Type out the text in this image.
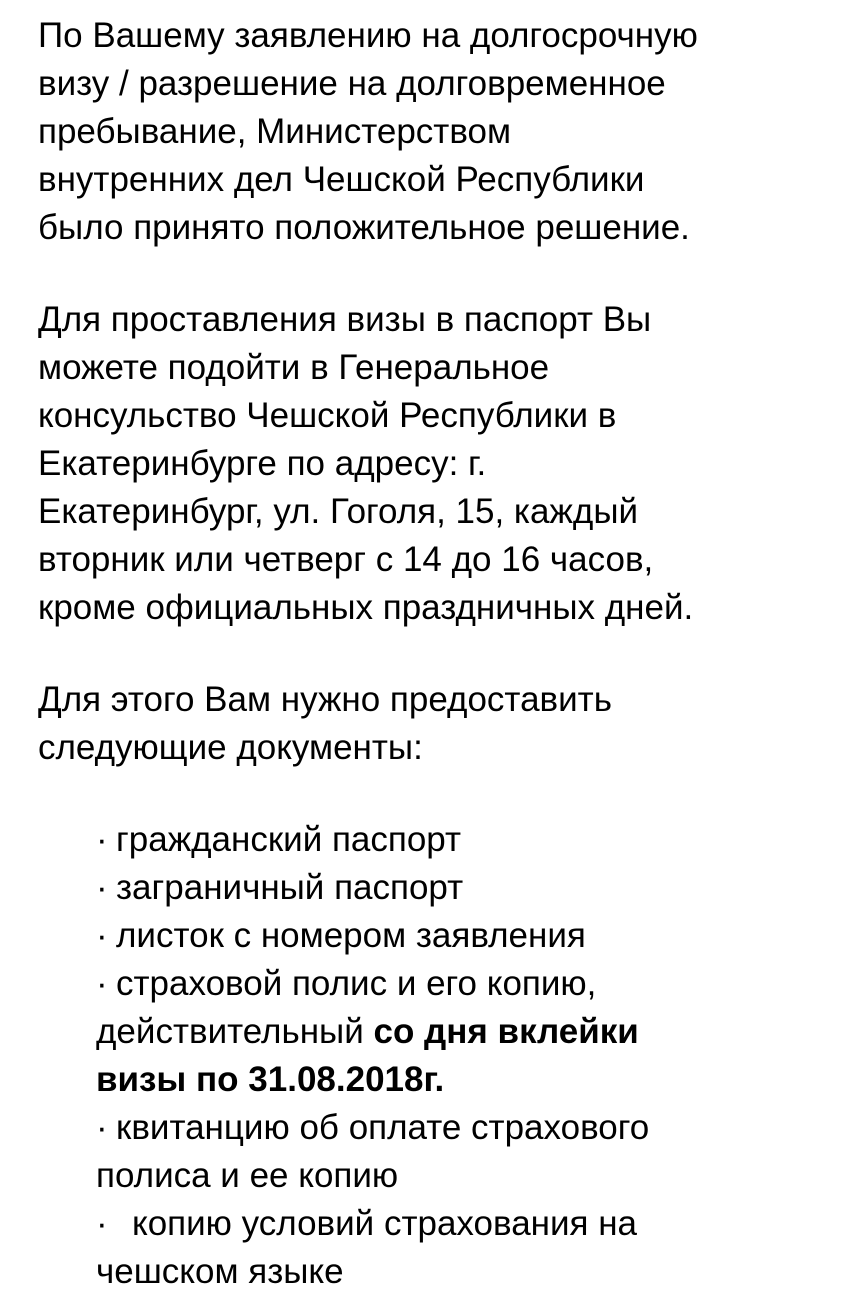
По Вашему заявлению на долгосрочную
визу / разрешение на долговременное
пребывание, Министерством
внутренних дел Чешской Республики
было принято положительное решение.

Для проставления визы в паспорт Вы
можете подойти в Генеральное
консульство Чешской Республики в
Екатеринбурге по адресу: г.
Екатеринбург, ул. Гоголя, 15, каждый
вторник или четверг с 14 до 16 часов,
кроме официальных праздничных дней.

Для этого Вам нужно предоставить
следующие документы:

· гражданский паспорт
· заграничный паспорт
· листок с номером заявления
· страховой полис и его копию,
действительный со дня вклейки
визы по 31.08.2018г.
· квитанцию об оплате страхового
полиса и ее копию
· копию условий страхования на
чешском языке
